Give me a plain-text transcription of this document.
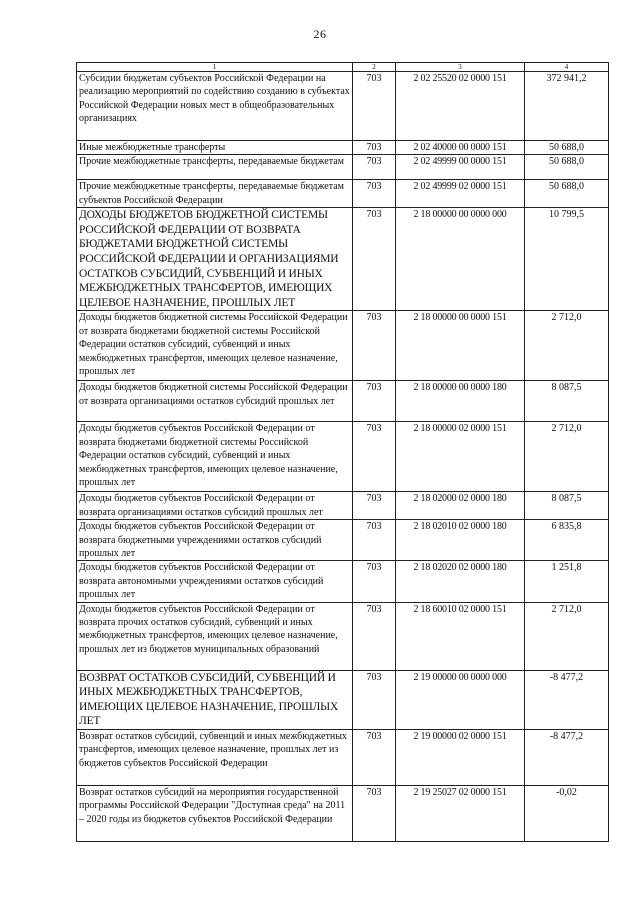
26
1	2	3	4
Субсидии бюджетам субъектов Российской Федерации на реализацию мероприятий по содействию созданию в субъектах Российской Федерации новых мест в общеобразовательных организациях	703	2 02 25520 02 0000 151	372 941,2
Иные межбюджетные трансферты	703	2 02 40000 00 0000 151	50 688,0
Прочие межбюджетные трансферты, передаваемые бюджетам	703	2 02 49999 00 0000 151	50 688,0
Прочие межбюджетные трансферты, передаваемые бюджетам субъектов Российской Федерации	703	2 02 49999 02 0000 151	50 688,0
ДОХОДЫ БЮДЖЕТОВ БЮДЖЕТНОЙ СИСТЕМЫ РОССИЙСКОЙ ФЕДЕРАЦИИ ОТ ВОЗВРАТА БЮДЖЕТАМИ БЮДЖЕТНОЙ СИСТЕМЫ РОССИЙСКОЙ ФЕДЕРАЦИИ И ОРГАНИЗАЦИЯМИ ОСТАТКОВ СУБСИДИЙ, СУБВЕНЦИЙ И ИНЫХ МЕЖБЮДЖЕТНЫХ ТРАНСФЕРТОВ, ИМЕЮЩИХ ЦЕЛЕВОЕ НАЗНАЧЕНИЕ, ПРОШЛЫХ ЛЕТ	703	2 18 00000 00 0000 000	10 799,5
Доходы бюджетов бюджетной системы Российской Федерации от возврата бюджетами бюджетной системы Российской Федерации остатков субсидий, субвенций и иных межбюджетных трансфертов, имеющих целевое назначение, прошлых лет	703	2 18 00000 00 0000 151	2 712,0
Доходы бюджетов бюджетной системы Российской Федерации от возврата организациями остатков субсидий прошлых лет	703	2 18 00000 00 0000 180	8 087,5
Доходы бюджетов субъектов Российской Федерации от возврата бюджетами бюджетной системы Российской Федерации остатков субсидий, субвенций и иных межбюджетных трансфертов, имеющих целевое назначение, прошлых лет	703	2 18 00000 02 0000 151	2 712,0
Доходы бюджетов субъектов Российской Федерации от возврата организациями остатков субсидий прошлых лет	703	2 18 02000 02 0000 180	8 087,5
Доходы бюджетов субъектов Российской Федерации от возврата бюджетными учреждениями остатков субсидий прошлых лет	703	2 18 02010 02 0000 180	6 835,8
Доходы бюджетов субъектов Российской Федерации от возврата автономными учреждениями остатков субсидий прошлых лет	703	2 18 02020 02 0000 180	1 251,8
Доходы бюджетов субъектов Российской Федерации от возврата прочих остатков субсидий, субвенций и иных межбюджетных трансфертов, имеющих целевое назначение, прошлых лет из бюджетов муниципальных образований	703	2 18 60010 02 0000 151	2 712,0
ВОЗВРАТ ОСТАТКОВ СУБСИДИЙ, СУБВЕНЦИЙ И ИНЫХ МЕЖБЮДЖЕТНЫХ ТРАНСФЕРТОВ, ИМЕЮЩИХ ЦЕЛЕВОЕ НАЗНАЧЕНИЕ, ПРОШЛЫХ ЛЕТ	703	2 19 00000 00 0000 000	-8 477,2
Возврат остатков субсидий, субвенций и иных межбюджетных трансфертов, имеющих целевое назначение, прошлых лет из бюджетов субъектов Российской Федерации	703	2 19 00000 02 0000 151	-8 477,2
Возврат остатков субсидий на мероприятия государственной программы Российской Федерации "Доступная среда" на 2011 – 2020 годы из бюджетов субъектов Российской Федерации	703	2 19 25027 02 0000 151	-0,02
